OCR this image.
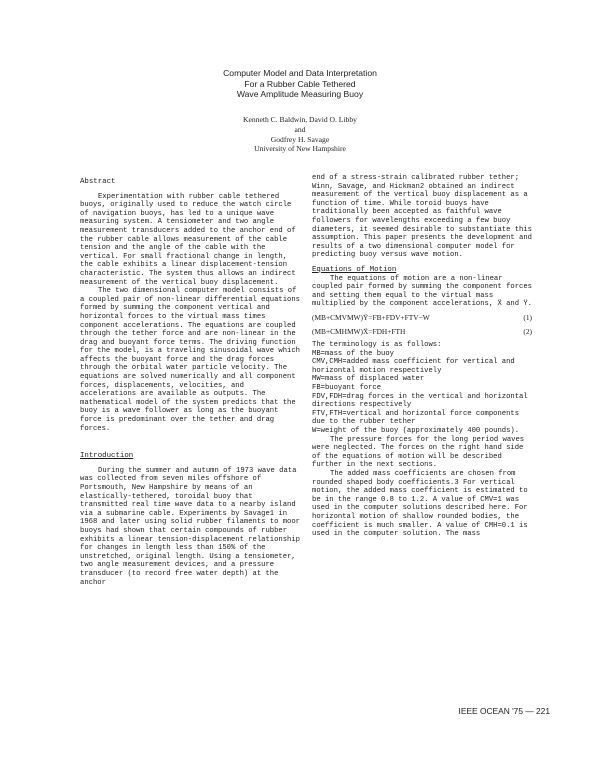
Computer Model and Data Interpretation
For a Rubber Cable Tethered
Wave Amplitude Measuring Buoy
Kenneth C. Baldwin, David O. Libby
and
Godfrey H. Savage
University of New Hampshire

Abstract

Experimentation with rubber cable tethered buoys, originally used to reduce the watch circle of navigation buoys, has led to a unique wave measuring system. A tensiometer and two angle measurement transducers added to the anchor end of the rubber cable allows measurement of the cable tension and the angle of the cable with the vertical. For small fractional change in length, the cable exhibits a linear displacement-tension characteristic. The system thus allows an indirect measurement of the vertical buoy displacement.

The two dimensional computer model consists of a coupled pair of non-linear differential equations formed by summing the component vertical and horizontal forces to the virtual mass times component accelerations. The equations are coupled through the tether force and are non-linear in the drag and buoyant force terms. The driving function for the model, is a traveling sinusoidal wave which affects the buoyant force and the drag forces through the orbital water particle velocity. The equations are solved numerically and all component forces, displacements, velocities, and accelerations are available as outputs. The mathematical model of the system predicts that the buoy is a wave follower as long as the buoyant force is predominant over the tether and drag forces.

Introduction

During the summer and autumn of 1973 wave data was collected from seven miles offshore of Portsmouth, New Hampshire by means of an elastically-tethered, toroidal buoy that transmitted real time wave data to a nearby island via a submarine cable. Experiments by Savage1 in 1968 and later using solid rubber filaments to moor buoys had shown that certain compounds of rubber exhibits a linear tension-displacement relationship for changes in length less than 150% of the unstretched, original length. Using a tensiometer, two angle measurement devices, and a pressure transducer (to record free water depth) at the anchor

end of a stress-strain calibrated rubber tether; Winn, Savage, and Hickman2 obtained an indirect measurement of the vertical buoy displacement as a function of time. While toroid buoys have traditionally been accepted as faithful wave followers for wavelengths exceeding a few buoy diameters, it seemed desirable to substantiate this assumption. This paper presents the development and results of a two dimensional computer model for predicting buoy versus wave motion.

Equations of Motion

The equations of motion are a non-linear coupled pair formed by summing the component forces and setting them equal to the virtual mass multiplied by the component accelerations, Ẍ and Ÿ.

(MB+CMVMW)Ÿ=FB+FDV+FTV−W	(1)
(MB+CMHMW)Ẍ=FDH+FTH	(2)

The terminology is as follows:

MB=mass of the buoy

CMV,CMH=added mass coefficient for vertical and horizontal motion respectively

MW=mass of displaced water

FB=buoyant force

FDV,FDH=drag forces in the vertical and horizontal directions respectively

FTV,FTH=vertical and horizontal force components due to the rubber tether

W=weight of the buoy (approximately 400 pounds).

The pressure forces for the long period waves were neglected. The forces on the right hand side of the equations of motion will be described further in the next sections.

The added mass coefficients are chosen from rounded shaped body coefficients.3 For vertical motion, the added mass coefficient is estimated to be in the range 0.8 to 1.2. A value of CMV=1 was used in the computer solutions described here. For horizontal motion of shallow rounded bodies, the coefficient is much smaller. A value of CMH=0.1 is used in the computer solution. The mass

IEEE OCEAN '75 — 221
